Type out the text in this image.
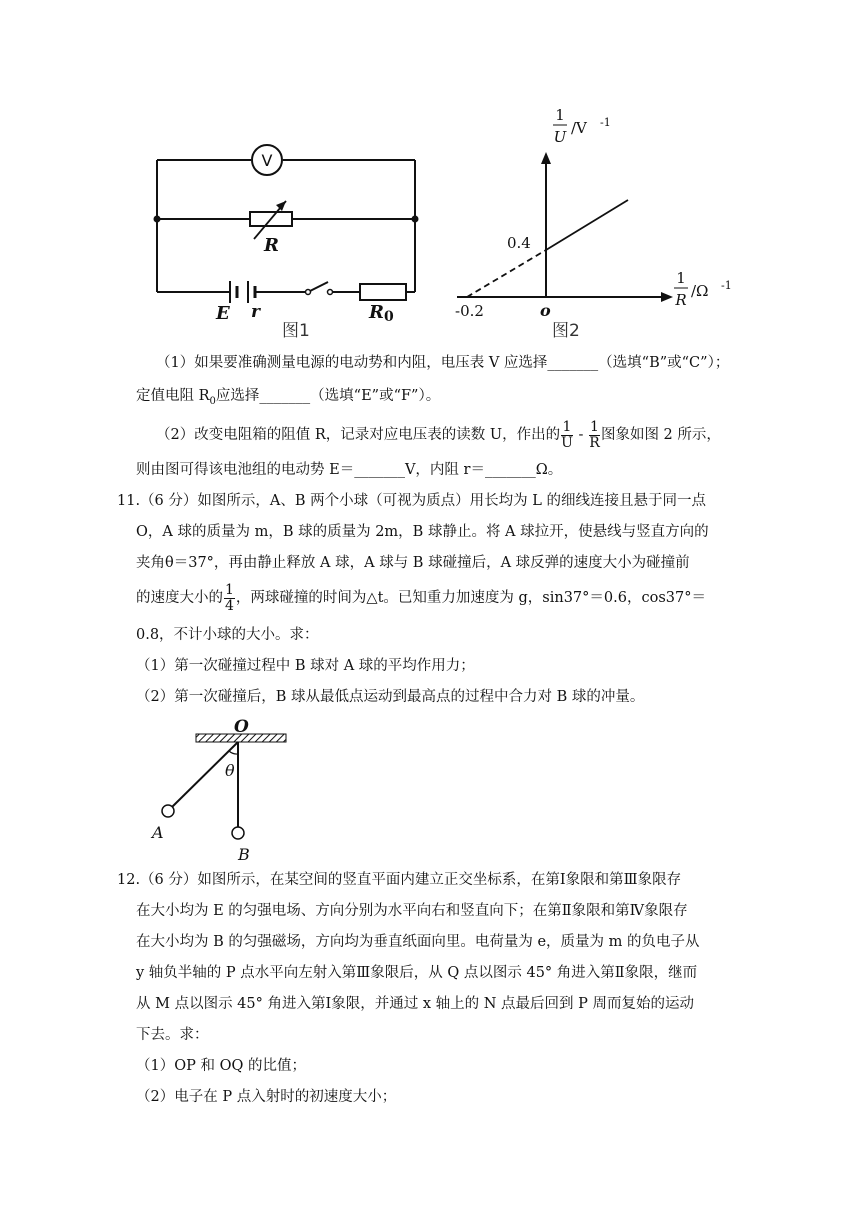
V
R
E r	R0
图1
1
U /V -1
1
R /Ω -1
0.4
-0.2	o
图2
（1）如果要准确测量电源的电动势和内阻，电压表 V 应选择_______（选填“B”或“C”）；
定值电阻 $R_0$应选择_______（选填“E”或“F”）。
（2）改变电阻箱的阻值 R，记录对应电压表的读数 U，作出的 $\frac{1}{U} - \frac{1}{R}$ 图象如图 2 所示，
则由图可得该电池组的电动势 E＝_______V，内阻 r＝_______Ω。
11.（6 分）如图所示，A、B 两个小球（可视为质点）用长均为 L 的细线连接且悬于同一点
O，A 球的质量为 m，B 球的质量为 2m，B 球静止。将 A 球拉开，使悬线与竖直方向的
夹角θ＝37°，再由静止释放 A 球，A 球与 B 球碰撞后，A 球反弹的速度大小为碰撞前
的速度大小的 $\frac{1}{4}$ ，两球碰撞的时间为△t。已知重力加速度为 g，sin37°＝0.6，cos37°＝
0.8，不计小球的大小。求：
（1）第一次碰撞过程中 B 球对 A 球的平均作用力；
（2）第一次碰撞后，B 球从最低点运动到最高点的过程中合力对 B 球的冲量。
O
θ
A
B
12.（6 分）如图所示，在某空间的竖直平面内建立正交坐标系，在第Ⅰ象限和第Ⅲ象限存
在大小均为 E 的匀强电场、方向分别为水平向右和竖直向下；在第Ⅱ象限和第Ⅳ象限存
在大小均为 B 的匀强磁场，方向均为垂直纸面向里。电荷量为 e，质量为 m 的负电子从
y 轴负半轴的 P 点水平向左射入第Ⅲ象限后，从 Q 点以图示 45° 角进入第Ⅱ象限，继而
从 M 点以图示 45° 角进入第Ⅰ象限，并通过 x 轴上的 N 点最后回到 P 周而复始的运动
下去。求：
（1）OP 和 OQ 的比值；
（2）电子在 P 点入射时的初速度大小；
